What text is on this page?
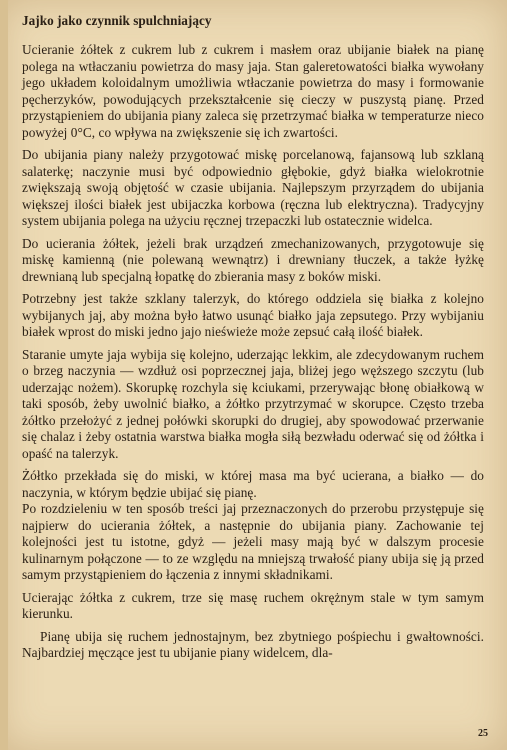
Jajko jako czynnik spulchniający

Ucieranie żółtek z cukrem lub z cukrem i masłem oraz ubijanie białek na pianę polega na wtłaczaniu powietrza do masy jaja. Stan galeretowatości białka wywołany jego układem koloidalnym umożliwia wtłaczanie powietrza do masy i formowanie pęcherzyków, powodujących przekształcenie się cieczy w puszystą pianę. Przed przystąpieniem do ubijania piany zaleca się przetrzymać białka w temperaturze nieco powyżej 0°C, co wpływa na zwiększenie się ich zwartości.

Do ubijania piany należy przygotować miskę porcelanową, fajansową lub szklaną salaterkę; naczynie musi być odpowiednio głębokie, gdyż białka wielokrotnie zwiększają swoją objętość w czasie ubijania. Najlepszym przyrządem do ubijania większej ilości białek jest ubijaczka korbowa (ręczna lub elektryczna). Tradycyjny system ubijania polega na użyciu ręcznej trzepaczki lub ostatecznie widelca.

Do ucierania żółtek, jeżeli brak urządzeń zmechanizowanych, przygotowuje się miskę kamienną (nie polewaną wewnątrz) i drewniany tłuczek, a także łyżkę drewnianą lub specjalną łopatkę do zbierania masy z boków miski.

Potrzebny jest także szklany talerzyk, do którego oddziela się białka z kolejno wybijanych jaj, aby można było łatwo usunąć białko jaja zepsutego. Przy wybijaniu białek wprost do miski jedno jajo nieświeże może zepsuć całą ilość białek.

Staranie umyte jaja wybija się kolejno, uderzając lekkim, ale zdecydowanym ruchem o brzeg naczynia — wzdłuż osi poprzecznej jaja, bliżej jego węższego szczytu (lub uderzając nożem). Skorupkę rozchyla się kciukami, przerywając błonę obiałkową w taki sposób, żeby uwolnić białko, a żółtko przytrzymać w skorupce. Często trzeba żółtko przełożyć z jednej połówki skorupki do drugiej, aby spowodować przerwanie się chalaz i żeby ostatnia warstwa białka mogła siłą bezwładu oderwać się od żółtka i opaść na talerzyk.

Żółtko przekłada się do miski, w której masa ma być ucierana, a białko — do naczynia, w którym będzie ubijać się pianę.

Po rozdzieleniu w ten sposób treści jaj przeznaczonych do przerobu przystępuje się najpierw do ucierania żółtek, a następnie do ubijania piany. Zachowanie tej kolejności jest tu istotne, gdyż — jeżeli masy mają być w dalszym procesie kulinarnym połączone — to ze względu na mniejszą trwałość piany ubija się ją przed samym przystąpieniem do łączenia z innymi składnikami.

Ucierając żółtka z cukrem, trze się masę ruchem okrężnym stale w tym samym kierunku.

Pianę ubija się ruchem jednostajnym, bez zbytniego pośpiechu i gwałtowności. Najbardziej męczące jest tu ubijanie piany widelcem, dla-

25
